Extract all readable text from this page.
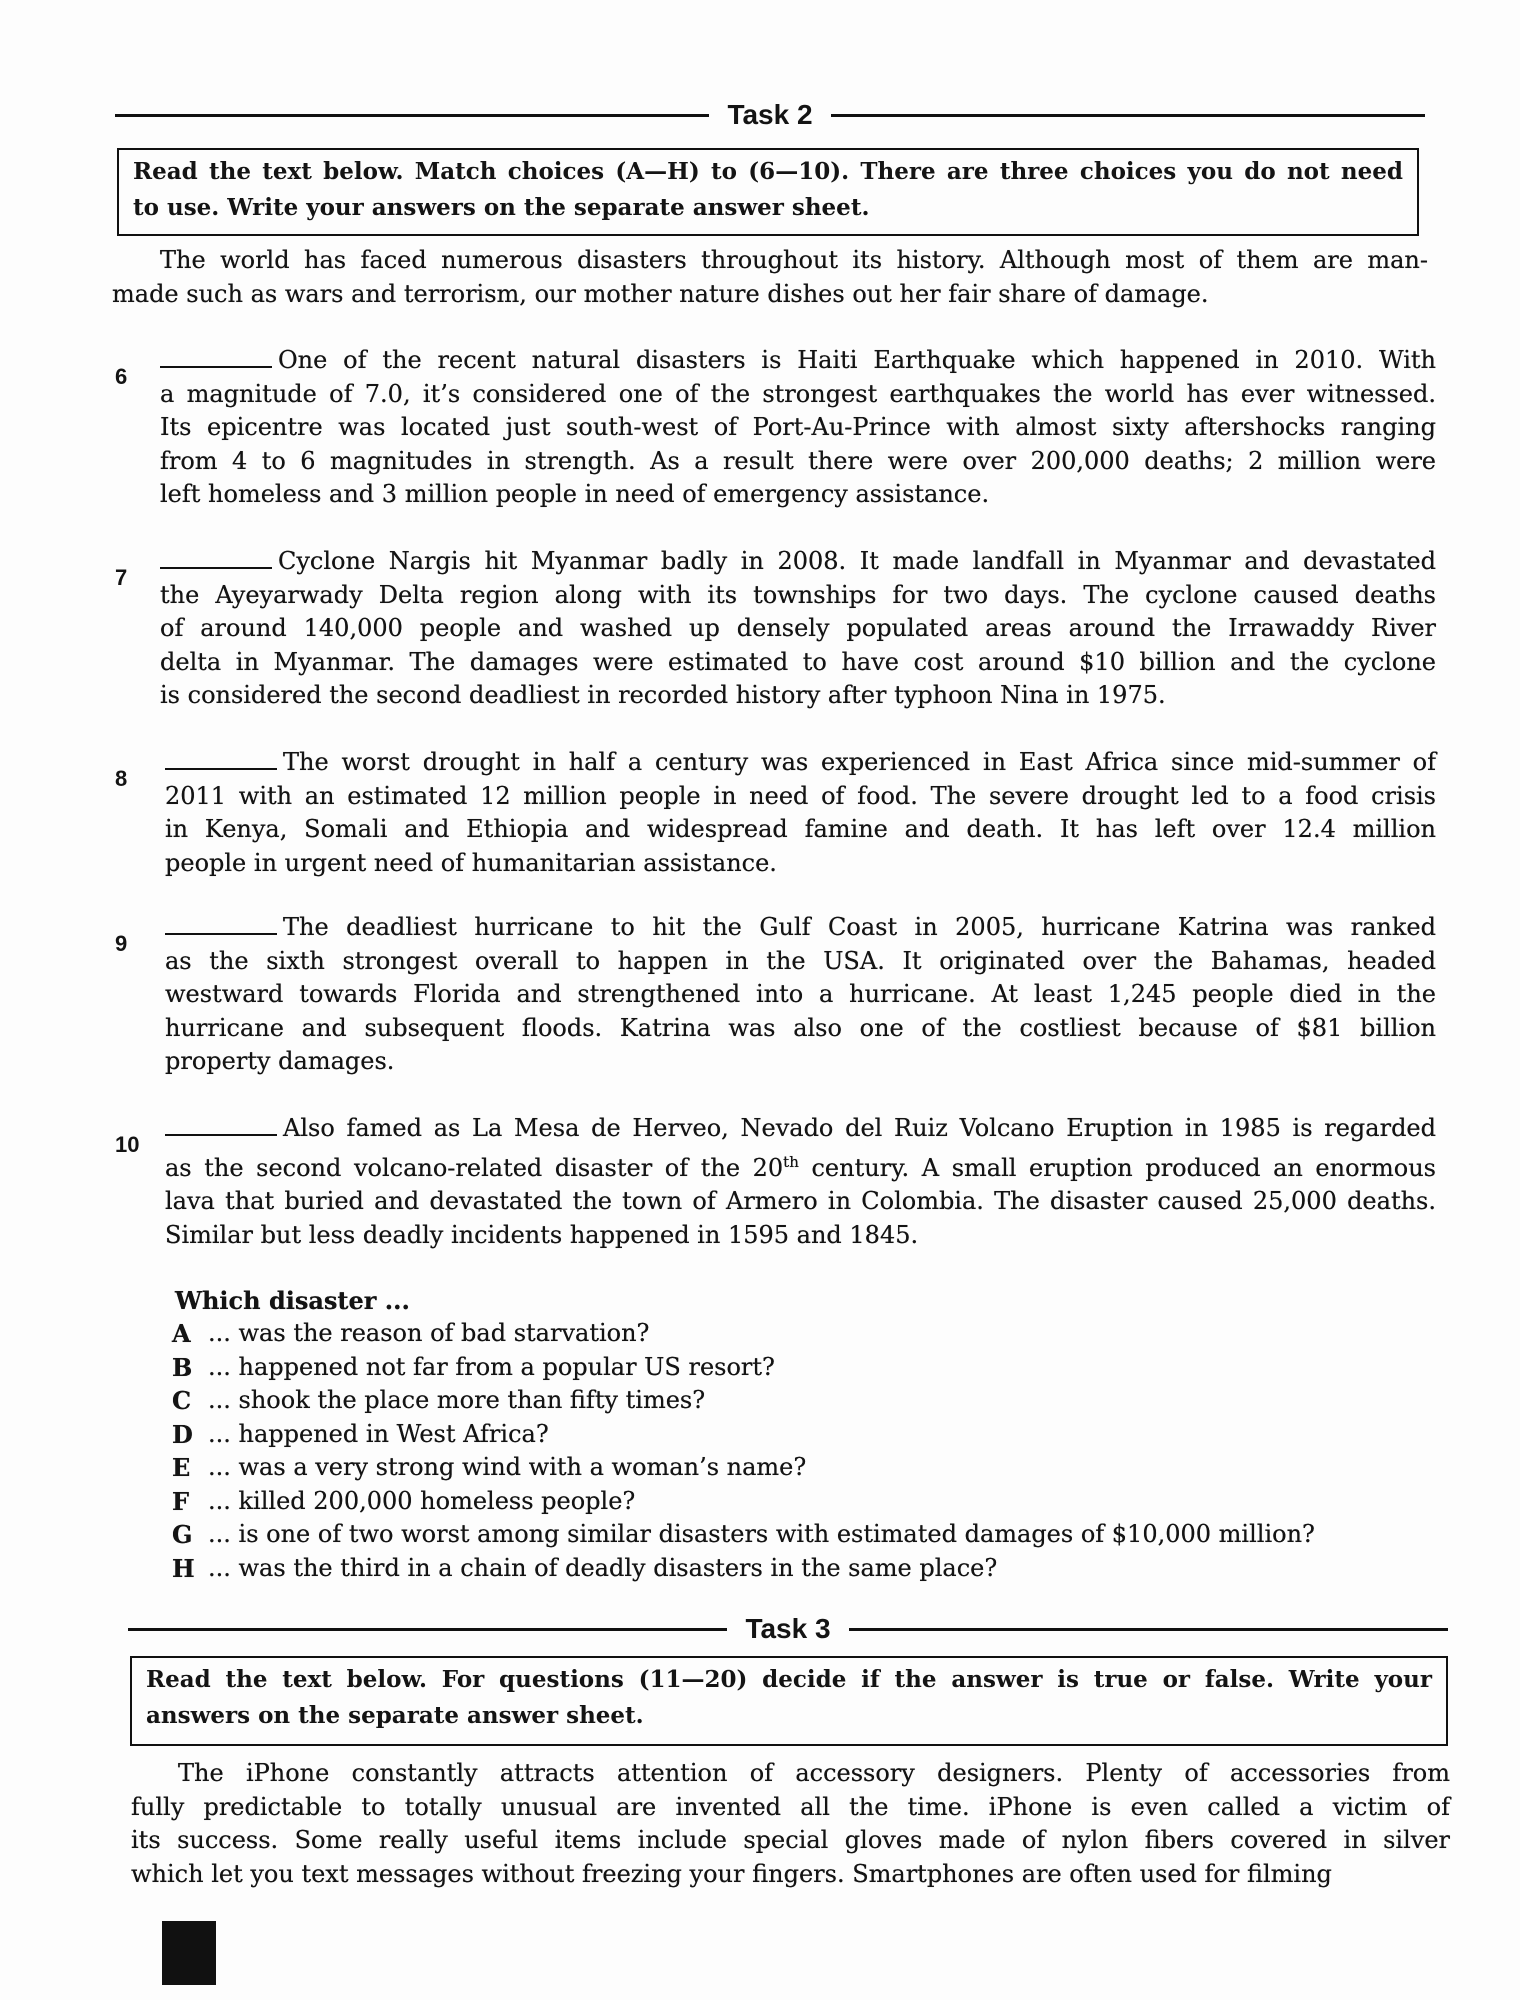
Task 2
Read the text below. Match choices (A—H) to (6—10). There are three choices you do not need
to use. Write your answers on the separate answer sheet.
The world has faced numerous disasters throughout its history. Although most of them are man-
made such as wars and terrorism, our mother nature dishes out her fair share of damage.
6
One of the recent natural disasters is Haiti Earthquake which happened in 2010. With
a magnitude of 7.0, it’s considered one of the strongest earthquakes the world has ever witnessed.
Its epicentre was located just south-west of Port-Au-Prince with almost sixty aftershocks ranging
from 4 to 6 magnitudes in strength. As a result there were over 200,000 deaths; 2 million were
left homeless and 3 million people in need of emergency assistance.
7
Cyclone Nargis hit Myanmar badly in 2008. It made landfall in Myanmar and devastated
the Ayeyarwady Delta region along with its townships for two days. The cyclone caused deaths
of around 140,000 people and washed up densely populated areas around the Irrawaddy River
delta in Myanmar. The damages were estimated to have cost around $10 billion and the cyclone
is considered the second deadliest in recorded history after typhoon Nina in 1975.
8
The worst drought in half a century was experienced in East Africa since mid-summer of
2011 with an estimated 12 million people in need of food. The severe drought led to a food crisis
in Kenya, Somali and Ethiopia and widespread famine and death. It has left over 12.4 million
people in urgent need of humanitarian assistance.
9
The deadliest hurricane to hit the Gulf Coast in 2005, hurricane Katrina was ranked
as the sixth strongest overall to happen in the USA. It originated over the Bahamas, headed
westward towards Florida and strengthened into a hurricane. At least 1,245 people died in the
hurricane and subsequent floods. Katrina was also one of the costliest because of $81 billion
property damages.
10
Also famed as La Mesa de Herveo, Nevado del Ruiz Volcano Eruption in 1985 is regarded
as the second volcano-related disaster of the 20th century. A small eruption produced an enormous
lava that buried and devastated the town of Armero in Colombia. The disaster caused 25,000 deaths.
Similar but less deadly incidents happened in 1595 and 1845.
Which disaster ...
A ... was the reason of bad starvation?
B ... happened not far from a popular US resort?
C ... shook the place more than fifty times?
D ... happened in West Africa?
E ... was a very strong wind with a woman’s name?
F ... killed 200,000 homeless people?
G ... is one of two worst among similar disasters with estimated damages of $10,000 million?
H ... was the third in a chain of deadly disasters in the same place?
Task 3
Read the text below. For questions (11—20) decide if the answer is true or false. Write your
answers on the separate answer sheet.
The iPhone constantly attracts attention of accessory designers. Plenty of accessories from
fully predictable to totally unusual are invented all the time. iPhone is even called a victim of
its success. Some really useful items include special gloves made of nylon fibers covered in silver
which let you text messages without freezing your fingers. Smartphones are often used for filming
